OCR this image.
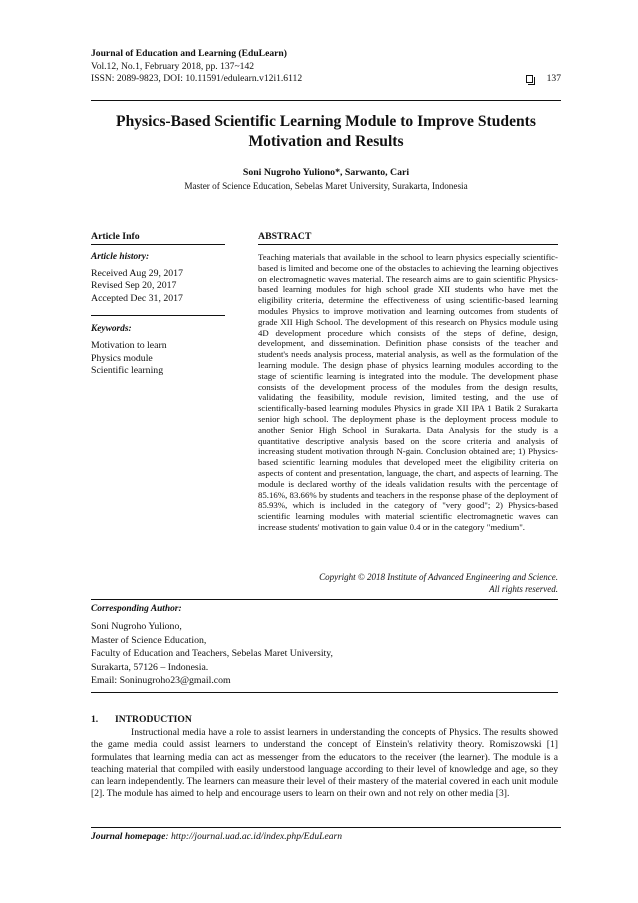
Journal of Education and Learning (EduLearn)
Vol.12, No.1, February 2018, pp. 137~142
ISSN: 2089-9823, DOI: 10.11591/edulearn.v12i1.6112	137
Physics-Based Scientific Learning Module to Improve Students Motivation and Results
Soni Nugroho Yuliono*, Sarwanto, Cari
Master of Science Education, Sebelas Maret University, Surakarta, Indonesia
Article Info
Article history:
Received Aug 29, 2017
Revised Sep 20, 2017
Accepted Dec 31, 2017
Keywords:
Motivation to learn
Physics module
Scientific learning
ABSTRACT
Teaching materials that available in the school to learn physics especially scientific-based is limited and become one of the obstacles to achieving the learning objectives on electromagnetic waves material. The research aims are to gain scientific Physics-based learning modules for high school grade XII students who have met the eligibility criteria, determine the effectiveness of using scientific-based learning modules Physics to improve motivation and learning outcomes from students of grade XII High School. The development of this research on Physics module using 4D development procedure which consists of the steps of define, design, development, and dissemination. Definition phase consists of the teacher and student's needs analysis process, material analysis, as well as the formulation of the learning module. The design phase of physics learning modules according to the stage of scientific learning is integrated into the module. The development phase consists of the development process of the modules from the design results, validating the feasibility, module revision, limited testing, and the use of scientifically-based learning modules Physics in grade XII IPA 1 Batik 2 Surakarta senior high school. The deployment phase is the deployment process module to another Senior High School in Surakarta. Data Analysis for the study is a quantitative descriptive analysis based on the score criteria and analysis of increasing student motivation through N-gain. Conclusion obtained are; 1) Physics-based scientific learning modules that developed meet the eligibility criteria on aspects of content and presentation, language, the chart, and aspects of learning. The module is declared worthy of the ideals validation results with the percentage of 85.16%, 83.66% by students and teachers in the response phase of the deployment of 85.93%, which is included in the category of "very good"; 2) Physics-based scientific learning modules with material scientific electromagnetic waves can increase students' motivation to gain value 0.4 or in the category "medium".
Copyright © 2018 Institute of Advanced Engineering and Science.
All rights reserved.
Corresponding Author:
Soni Nugroho Yuliono,
Master of Science Education,
Faculty of Education and Teachers, Sebelas Maret University,
Surakarta, 57126 – Indonesia.
Email: Soninugroho23@gmail.com
1. INTRODUCTION
Instructional media have a role to assist learners in understanding the concepts of Physics. The results showed the game media could assist learners to understand the concept of Einstein's relativity theory. Romiszowski [1] formulates that learning media can act as messenger from the educators to the receiver (the learner). The module is a teaching material that compiled with easily understood language according to their level of knowledge and age, so they can learn independently. The learners can measure their level of their mastery of the material covered in each unit module [2]. The module has aimed to help and encourage users to learn on their own and not rely on other media [3].
Journal homepage: http://journal.uad.ac.id/index.php/EduLearn
